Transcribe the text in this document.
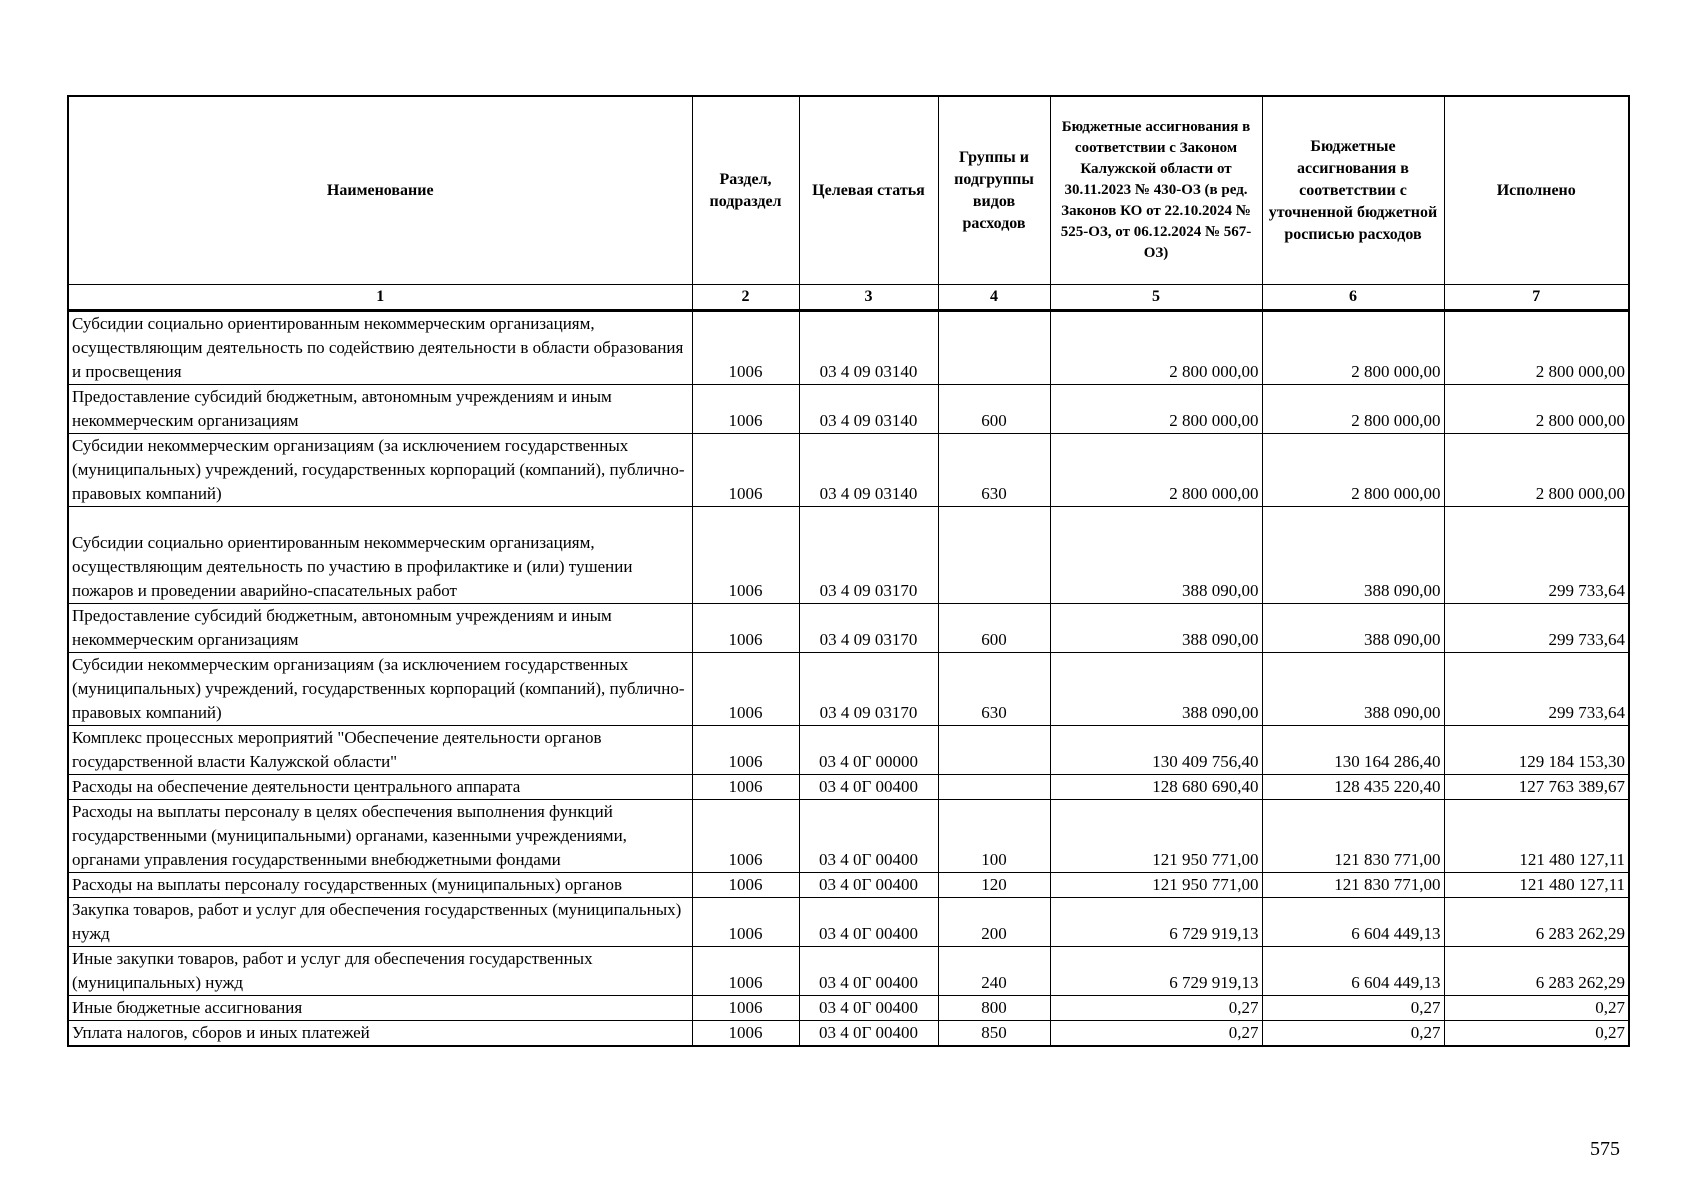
Наименование	Раздел, подраздел	Целевая статья	Группы и подгруппы видов расходов	Бюджетные ассигнования в соответствии с Законом Калужской области от 30.11.2023 № 430-ОЗ (в ред. Законов КО от 22.10.2024 № 525-ОЗ, от 06.12.2024 № 567-ОЗ)	Бюджетные ассигнования в соответствии с уточненной бюджетной росписью расходов	Исполнено
1	2	3	4	5	6	7
Субсидии социально ориентированным некоммерческим организациям, осуществляющим деятельность по содействию деятельности в области образования и просвещения	1006	03 4 09 03140		2 800 000,00	2 800 000,00	2 800 000,00
Предоставление субсидий бюджетным, автономным учреждениям и иным некоммерческим организациям	1006	03 4 09 03140	600	2 800 000,00	2 800 000,00	2 800 000,00
Субсидии некоммерческим организациям (за исключением государственных (муниципальных) учреждений, государственных корпораций (компаний), публично-правовых компаний)	1006	03 4 09 03140	630	2 800 000,00	2 800 000,00	2 800 000,00
Субсидии социально ориентированным некоммерческим организациям, осуществляющим деятельность по участию в профилактике и (или) тушении пожаров и проведении аварийно-спасательных работ	1006	03 4 09 03170		388 090,00	388 090,00	299 733,64
Предоставление субсидий бюджетным, автономным учреждениям и иным некоммерческим организациям	1006	03 4 09 03170	600	388 090,00	388 090,00	299 733,64
Субсидии некоммерческим организациям (за исключением государственных (муниципальных) учреждений, государственных корпораций (компаний), публично-правовых компаний)	1006	03 4 09 03170	630	388 090,00	388 090,00	299 733,64
Комплекс процессных мероприятий "Обеспечение деятельности органов государственной власти Калужской области"	1006	03 4 0Г 00000		130 409 756,40	130 164 286,40	129 184 153,30
Расходы на обеспечение деятельности центрального аппарата	1006	03 4 0Г 00400		128 680 690,40	128 435 220,40	127 763 389,67
Расходы на выплаты персоналу в целях обеспечения выполнения функций государственными (муниципальными) органами, казенными учреждениями, органами управления государственными внебюджетными фондами	1006	03 4 0Г 00400	100	121 950 771,00	121 830 771,00	121 480 127,11
Расходы на выплаты персоналу государственных (муниципальных) органов	1006	03 4 0Г 00400	120	121 950 771,00	121 830 771,00	121 480 127,11
Закупка товаров, работ и услуг для обеспечения государственных (муниципальных) нужд	1006	03 4 0Г 00400	200	6 729 919,13	6 604 449,13	6 283 262,29
Иные закупки товаров, работ и услуг для обеспечения государственных (муниципальных) нужд	1006	03 4 0Г 00400	240	6 729 919,13	6 604 449,13	6 283 262,29
Иные бюджетные ассигнования	1006	03 4 0Г 00400	800	0,27	0,27	0,27
Уплата налогов, сборов и иных платежей	1006	03 4 0Г 00400	850	0,27	0,27	0,27
575
